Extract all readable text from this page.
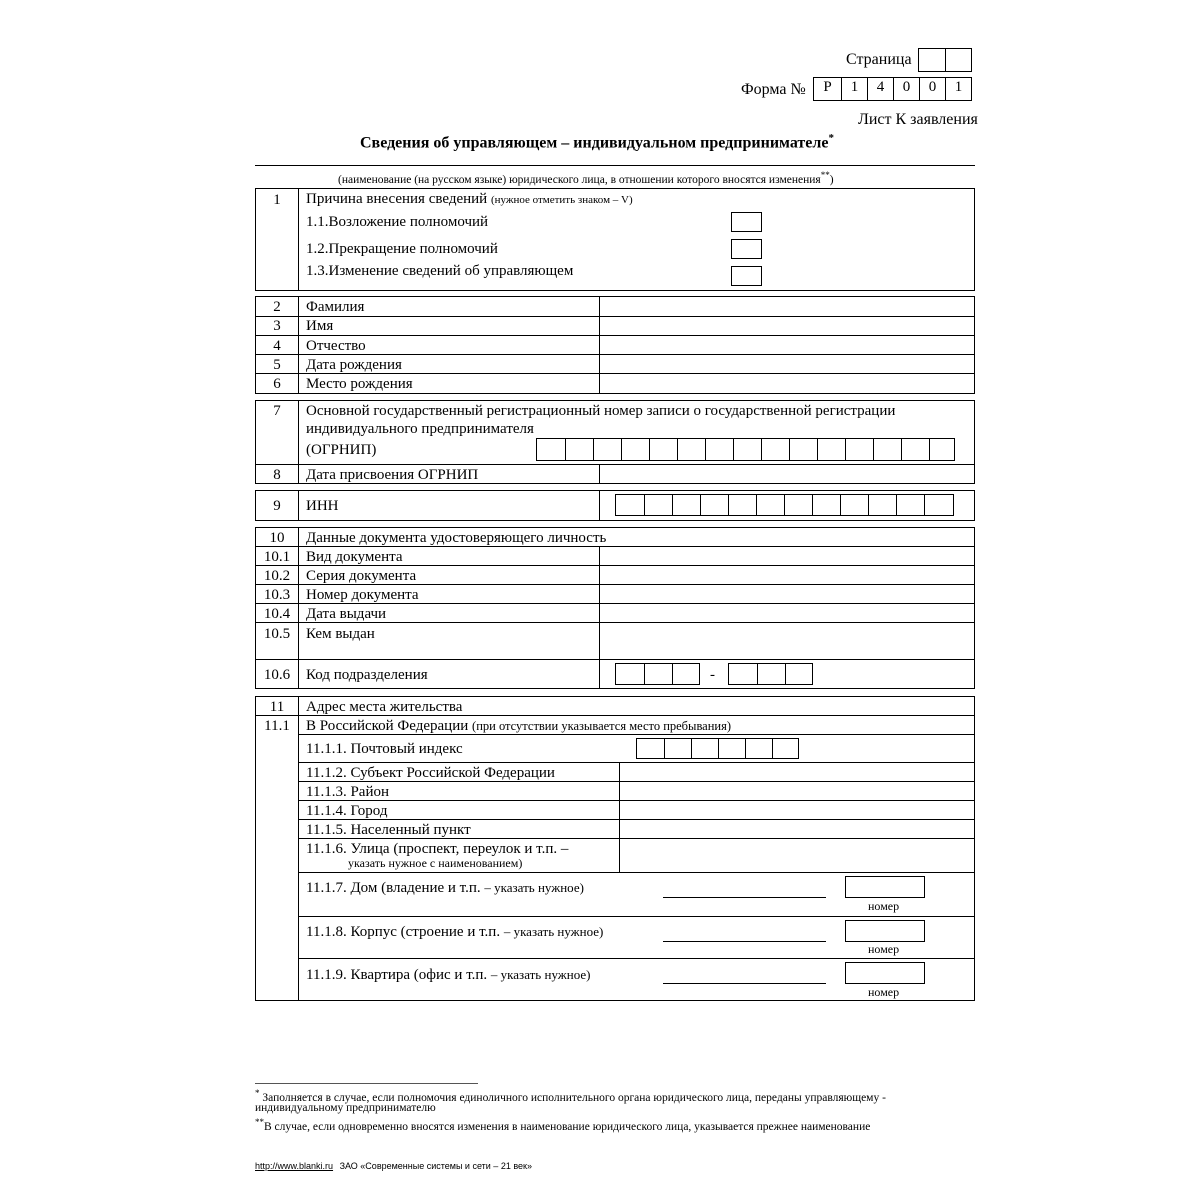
Страница
Форма №	Р	1	4	0	0	1
Лист К заявления
Сведения об управляющем – индивидуальном предпринимателе*
(наименование (на русском языке) юридического лица, в отношении которого вносятся изменения**)
1	Причина внесения сведений (нужное отметить знаком – V)
1.1.Возложение полномочий
1.2.Прекращение полномочий
1.3.Изменение сведений об управляющем
2	Фамилия
3	Имя
4	Отчество
5	Дата рождения
6	Место рождения
7	Основной государственный регистрационный номер записи о государственной регистрации
индивидуального предпринимателя
(ОГРНИП)
8	Дата присвоения ОГРНИП
9	ИНН
10	Данные документа удостоверяющего личность
10.1	Вид документа
10.2	Серия документа
10.3	Номер документа
10.4	Дата выдачи
10.5	Кем выдан
10.6	Код подразделения	-
11	Адрес места жительства
11.1	В Российской Федерации (при отсутствии указывается место пребывания)
11.1.1. Почтовый индекс
11.1.2. Субъект Российской Федерации
11.1.3. Район
11.1.4. Город
11.1.5. Населенный пункт
11.1.6. Улица (проспект, переулок и т.п. –
указать нужное с наименованием)
11.1.7. Дом (владение и т.п. – указать нужное)
номер
11.1.8. Корпус (строение и т.п. – указать нужное)
номер
11.1.9. Квартира (офис и т.п. – указать нужное)
номер
* Заполняется в случае, если полномочия единоличного исполнительного органа юридического лица, переданы управляющему -
индивидуальному предпринимателю
**В случае, если одновременно вносятся изменения в наименование юридического лица, указывается прежнее наименование
http://www.blanki.ru ЗАО «Современные системы и сети – 21 век»
